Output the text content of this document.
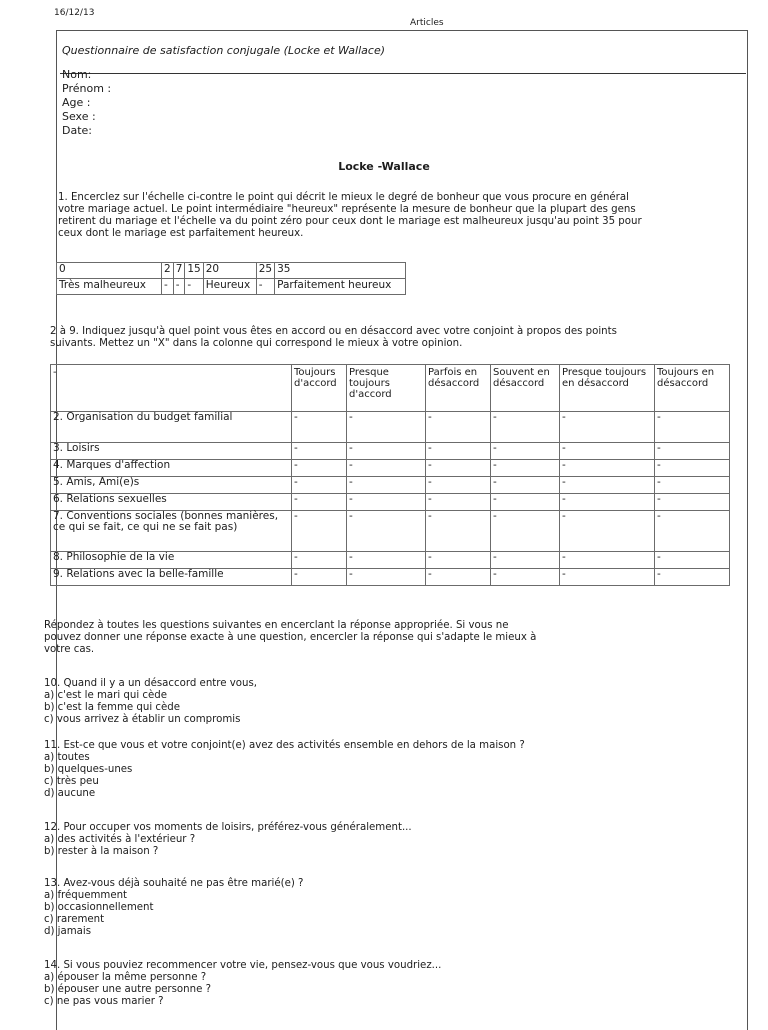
16/12/13
Articles
Questionnaire de satisfaction conjugale (Locke et Wallace)
Nom:
Prénom :
Age :
Sexe :
Date:
Locke -Wallace
1. Encerclez sur l'échelle ci-contre le point qui décrit le mieux le degré de bonheur que vous procure en général
votre mariage actuel. Le point intermédiaire "heureux" représente la mesure de bonheur que la plupart des gens
retirent du mariage et l'échelle va du point zéro pour ceux dont le mariage est malheureux jusqu'au point 35 pour
ceux dont le mariage est parfaitement heureux.
0	2	7	15	20	25	35
Très malheureux	-	-	-	Heureux	-	Parfaitement heureux
2 à 9. Indiquez jusqu'à quel point vous êtes en accord ou en désaccord avec votre conjoint à propos des points
suivants. Mettez un "X" dans la colonne qui correspond le mieux à votre opinion.
-	Toujours d'accord	Presque toujours d'accord	Parfois en désaccord	Souvent en désaccord	Presque toujours en désaccord	Toujours en désaccord
2. Organisation du budget familial	-	-	-	-	-	-
3. Loisirs	-	-	-	-	-	-
4. Marques d'affection	-	-	-	-	-	-
5. Amis, Ami(e)s	-	-	-	-	-	-
6. Relations sexuelles	-	-	-	-	-	-
7. Conventions sociales (bonnes manières, ce qui se fait, ce qui ne se fait pas)	-	-	-	-	-	-
8. Philosophie de la vie	-	-	-	-	-	-
9. Relations avec la belle-famille	-	-	-	-	-	-
Répondez à toutes les questions suivantes en encerclant la réponse appropriée. Si vous ne
pouvez donner une réponse exacte à une question, encercler la réponse qui s'adapte le mieux à
votre cas.
10. Quand il y a un désaccord entre vous,
a) c'est le mari qui cède
b) c'est la femme qui cède
c) vous arrivez à établir un compromis
11. Est-ce que vous et votre conjoint(e) avez des activités ensemble en dehors de la maison ?
a) toutes
b) quelques-unes
c) très peu
d) aucune
12. Pour occuper vos moments de loisirs, préférez-vous généralement...
a) des activités à l'extérieur ?
b) rester à la maison ?
13. Avez-vous déjà souhaité ne pas être marié(e) ?
a) fréquemment
b) occasionnellement
c) rarement
d) jamais
14. Si vous pouviez recommencer votre vie, pensez-vous que vous voudriez...
a) épouser la même personne ?
b) épouser une autre personne ?
c) ne pas vous marier ?
